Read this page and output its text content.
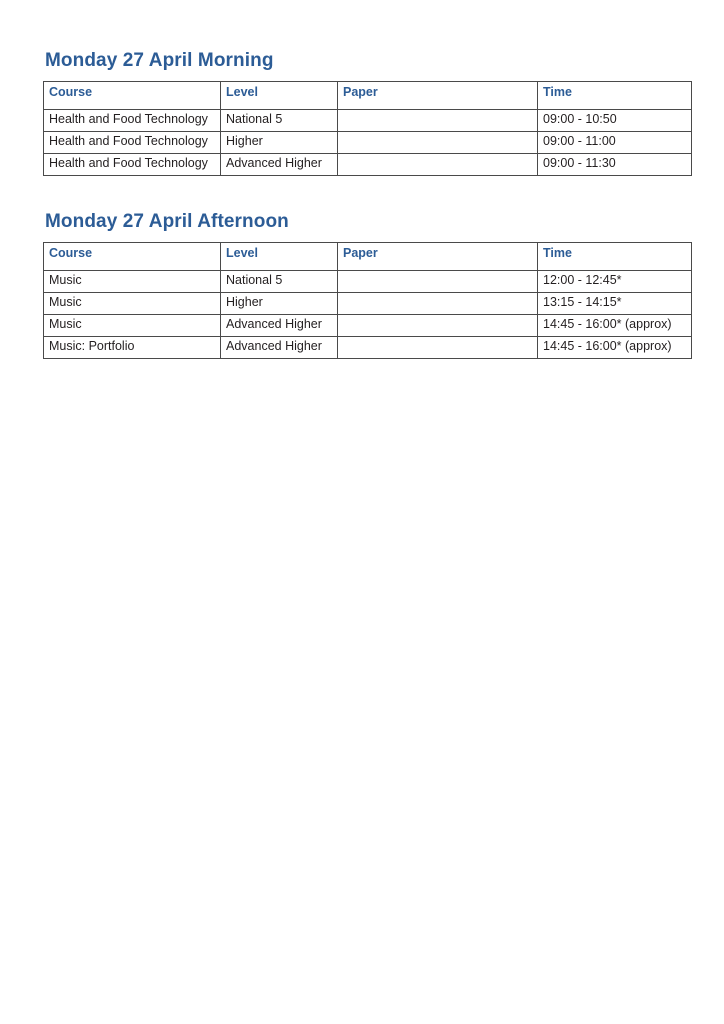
Monday 27 April Morning
Course	Level	Paper	Time

Health and Food Technology	National 5		09:00 - 10:50

Health and Food Technology	Higher		09:00 - 11:00

Health and Food Technology	Advanced Higher		09:00 - 11:30
Monday 27 April Afternoon
Course	Level	Paper	Time
Music	National 5		12:00 - 12:45*
Music	Higher		13:15 - 14:15*
Music	Advanced Higher		14:45 - 16:00* (approx)
Music: Portfolio	Advanced Higher		14:45 - 16:00* (approx)
